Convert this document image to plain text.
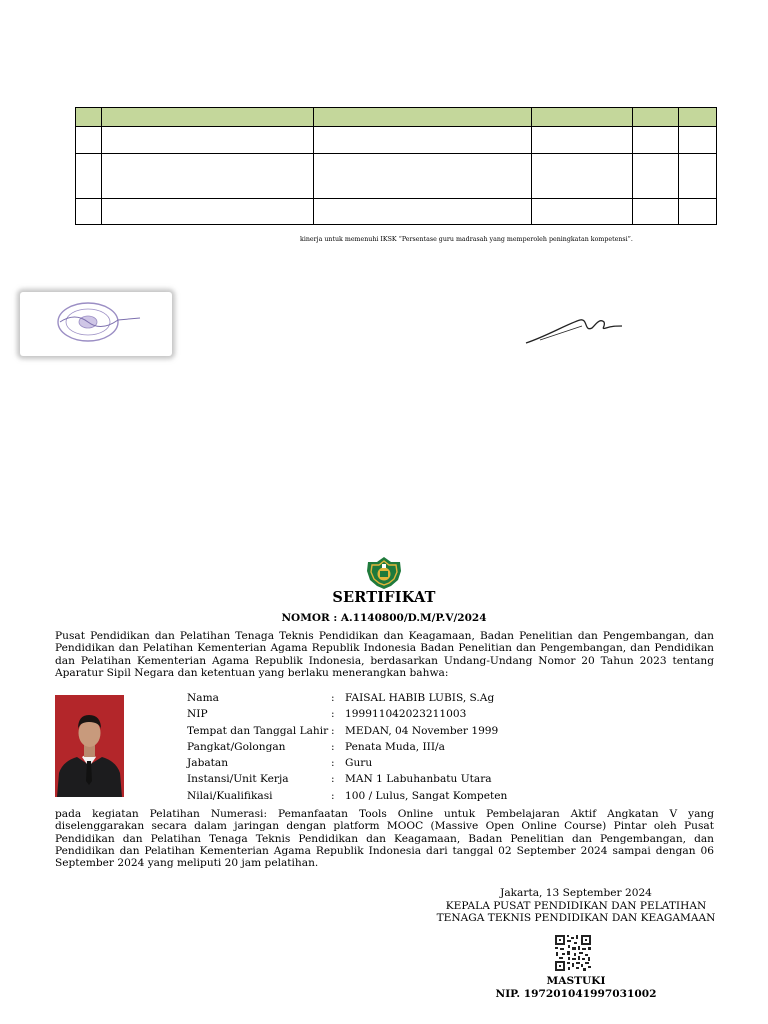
kinerja untuk memenuhi IKSK “Persentase guru madrasah yang memperoleh peningkatan kompetensi”.
SERTIFIKAT
NOMOR : A.1140800/D.M/P.V/2024
Pusat Pendidikan dan Pelatihan Tenaga Teknis Pendidikan dan Keagamaan, Badan Penelitian dan Pengembangan, dan Pendidikan dan Pelatihan Kementerian Agama Republik Indonesia Badan Penelitian dan Pengembangan, dan Pendidikan dan Pelatihan Kementerian Agama Republik Indonesia, berdasarkan Undang-Undang Nomor 20 Tahun 2023 tentang Aparatur Sipil Negara dan ketentuan yang berlaku menerangkan bahwa:
Nama	: FAISAL HABIB LUBIS, S.Ag
NIP	: 199911042023211003
Tempat dan Tanggal Lahir : MEDAN, 04 November 1999
Pangkat/Golongan	: Penata Muda, III/a
Jabatan	: Guru
Instansi/Unit Kerja	: MAN 1 Labuhanbatu Utara
Nilai/Kualifikasi	: 100 / Lulus, Sangat Kompeten
pada kegiatan Pelatihan Numerasi: Pemanfaatan Tools Online untuk Pembelajaran Aktif Angkatan V yang diselenggarakan secara dalam jaringan dengan platform MOOC (Massive Open Online Course) Pintar oleh Pusat Pendidikan dan Pelatihan Tenaga Teknis Pendidikan dan Keagamaan, Badan Penelitian dan Pengembangan, dan Pendidikan dan Pelatihan Kementerian Agama Republik Indonesia dari tanggal 02 September 2024 sampai dengan 06 September 2024 yang meliputi 20 jam pelatihan.
Jakarta, 13 September 2024
KEPALA PUSAT PENDIDIKAN DAN PELATIHAN
TENAGA TEKNIS PENDIDIKAN DAN KEAGAMAAN
MASTUKI
NIP. 197201041997031002
